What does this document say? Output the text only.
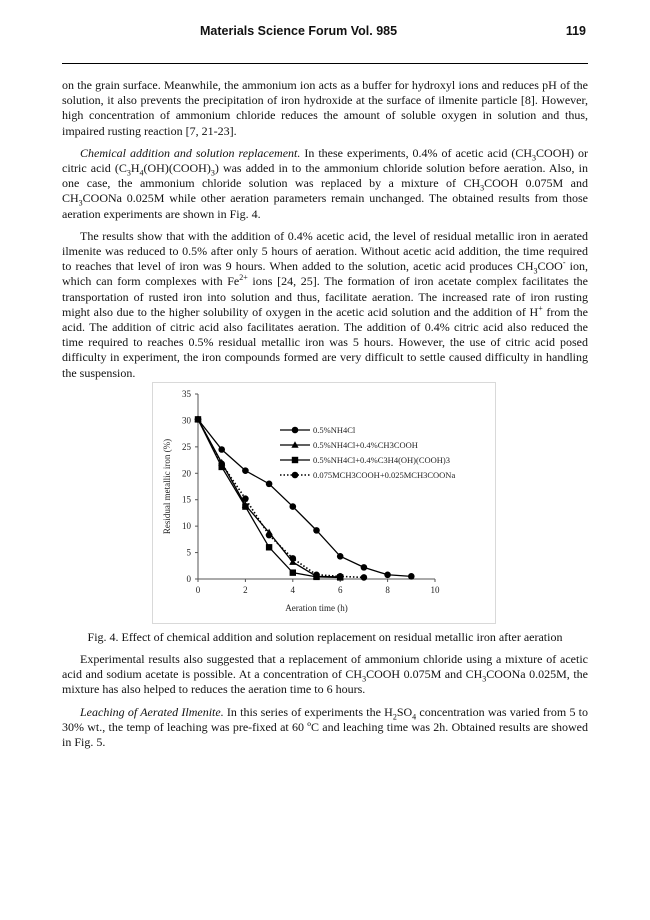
Materials Science Forum Vol. 985	119

on the grain surface. Meanwhile, the ammonium ion acts as a buffer for hydroxyl ions and reduces pH of the solution, it also prevents the precipitation of iron hydroxide at the surface of ilmenite particle [8]. However, high concentration of ammonium chloride reduces the amount of soluble oxygen in solution and thus, impaired rusting reaction [7, 21-23].

Chemical addition and solution replacement. In these experiments, 0.4% of acetic acid $(CH_3COOH)$ or citric acid $(C_3H_4(OH)(COOH)_3)$ was added in to the ammonium chloride solution before aeration. Also, in one case, the ammonium chloride solution was replaced by a mixture of $CH_3COOH$ 0.075M and $CH_3COONa$ 0.025M while other aeration parameters remain unchanged. The obtained results from those aeration experiments are shown in Fig. 4.

The results show that with the addition of 0.4% acetic acid, the level of residual metallic iron in aerated ilmenite was reduced to 0.5% after only 5 hours of aeration. Without acetic acid addition, the time required to reaches that level of iron was 9 hours. When added to the solution, acetic acid produces $CH_3COO^-$ ion, which can form complexes with $Fe^{2+}$ ions [24, 25]. The formation of iron acetate complex facilitates the transportation of rusted iron into solution and thus, facilitate aeration. The increased rate of iron rusting might also due to the higher solubility of oxygen in the acetic acid solution and the addition of H+ from the acid. The addition of citric acid also facilitates aeration. The addition of 0.4% citric acid also reduced the time required to reaches 0.5% residual metallic iron was 5 hours. However, the use of citric acid posed difficulty in experiment, the iron compounds formed are very difficult to settle caused difficulty in handling the suspension.

0
5
10
15
20
25
30
35
0	2	4	6	8	10
0.5%NH4Cl
0.5%NH4Cl+0.4%CH3COOH
0.5%NH4Cl+0.4%C3H4(OH)(COOH)3
0.075MCH3COOH+0.025MCH3COONa
Aeration time (h)
Residual metallic iron (%)
Fig. 4. Effect of chemical addition and solution replacement on residual metallic iron after aeration

Experimental results also suggested that a replacement of ammonium chloride using a mixture of acetic acid and sodium acetate is possible. At a concentration of $CH_3COOH$ 0.075M and $CH_3COONa$ 0.025M, the mixture has also helped to reduces the aeration time to 6 hours.

Leaching of Aerated Ilmenite. In this series of experiments the $H_2SO_4$ concentration was varied from 5 to 30% wt., the temp of leaching was pre-fixed at 60 ºC and leaching time was 2h. Obtained results are showed in Fig. 5.
